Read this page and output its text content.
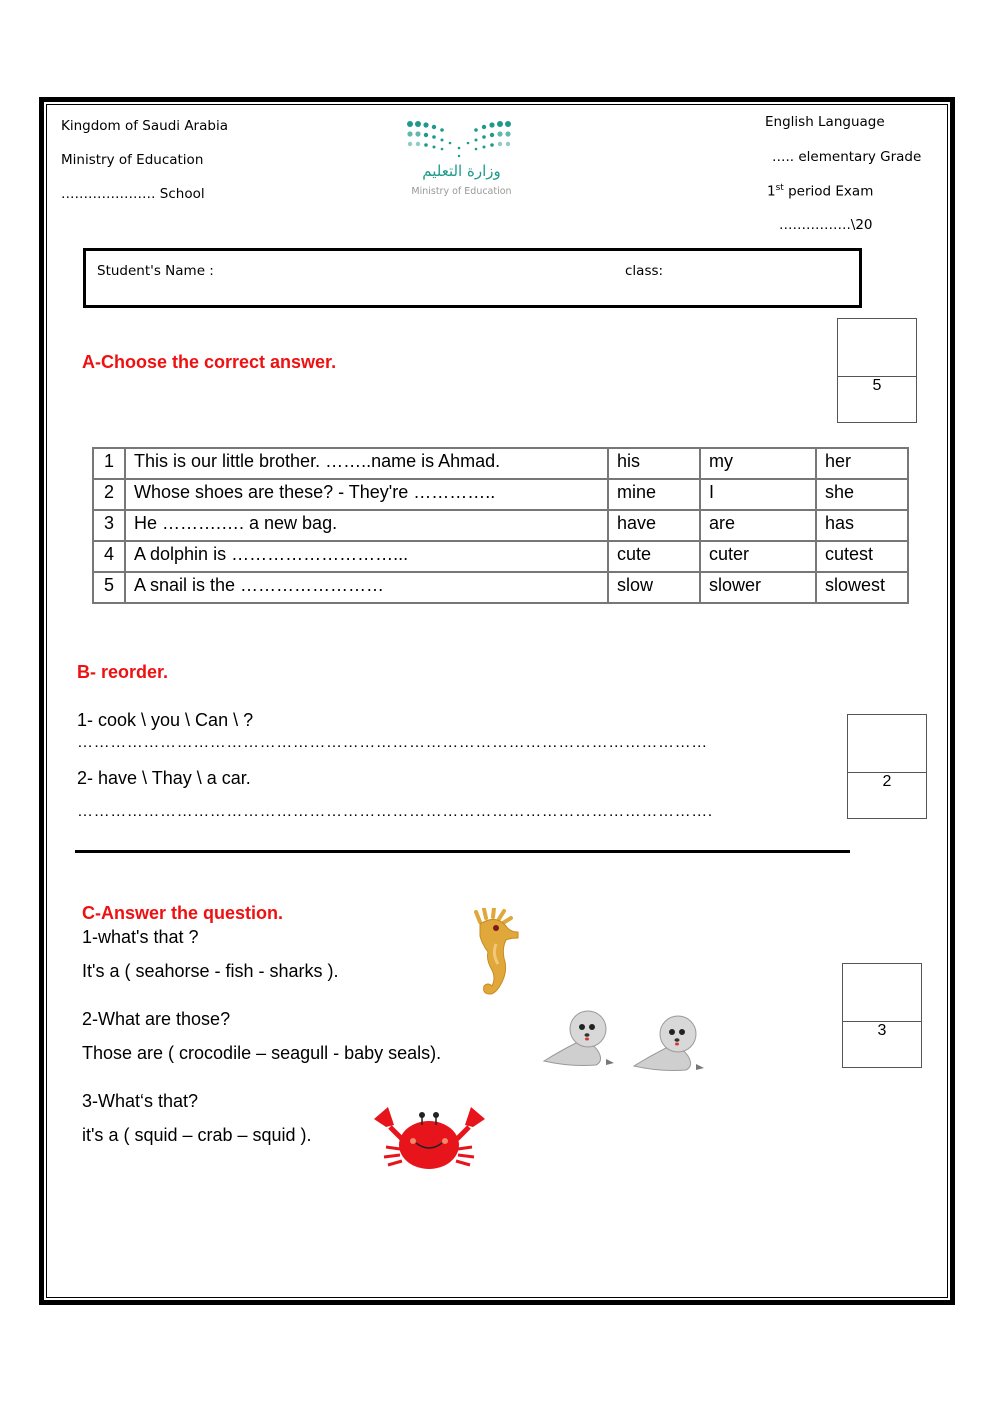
Kingdom of Saudi Arabia
Ministry of Education
………………… School
وزارة التعليم
Ministry of Education
English Language
….. elementary Grade
1st period Exam
…………….\20
Student's Name :	class:
A-Choose the correct answer.
5
1	This is our little brother. ……..name is Ahmad.	his	my	her
2	Whose shoes are these? - They're …………..	mine	I	she
3	He ……….…. a new bag.	have	are	has
4	A dolphin is ………………………...	cute	cuter	cutest
5	A snail is the ……………………	slow	slower	slowest
B- reorder.
1- cook \ you \ Can \ ?
……………………………………………………………………………………………………
2- have \ Thay \ a car.
…………………………………………………………………………………………………….
2
C-Answer the question.
1-what's that ?
It's a ( seahorse - fish - sharks ).
2-What are those?
Those are ( crocodile – seagull - baby seals).
3-What‘s that?
it's a ( squid – crab – squid ).
3
